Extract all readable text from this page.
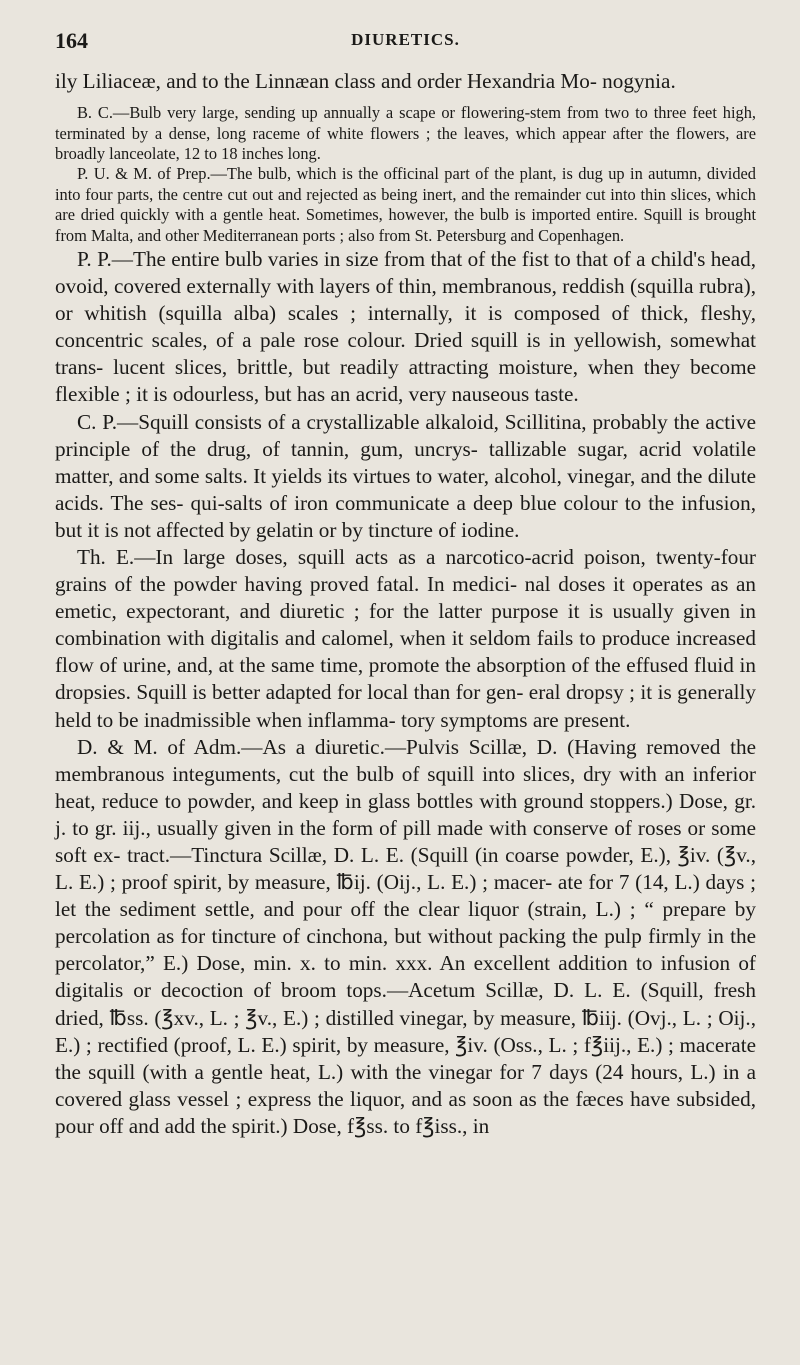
164	DIURETICS.

ily Liliaceæ, and to the Linnæan class and order Hexandria Mo- nogynia.

B. C.—Bulb very large, sending up annually a scape or flowering-stem from two to three feet high, terminated by a dense, long raceme of white flowers ; the leaves, which appear after the flowers, are broadly lanceolate, 12 to 18 inches long.

P. U. & M. of Prep.—The bulb, which is the officinal part of the plant, is dug up in autumn, divided into four parts, the centre cut out and rejected as being inert, and the remainder cut into thin slices, which are dried quickly with a gentle heat. Sometimes, however, the bulb is imported entire. Squill is brought from Malta, and other Mediterranean ports ; also from St. Petersburg and Copenhagen.

P. P.—The entire bulb varies in size from that of the fist to that of a child's head, ovoid, covered externally with layers of thin, membranous, reddish (squilla rubra), or whitish (squilla alba) scales ; internally, it is composed of thick, fleshy, concentric scales, of a pale rose colour. Dried squill is in yellowish, somewhat trans- lucent slices, brittle, but readily attracting moisture, when they become flexible ; it is odourless, but has an acrid, very nauseous taste.

C. P.—Squill consists of a crystallizable alkaloid, Scillitina, probably the active principle of the drug, of tannin, gum, uncrys- tallizable sugar, acrid volatile matter, and some salts. It yields its virtues to water, alcohol, vinegar, and the dilute acids. The ses- qui-salts of iron communicate a deep blue colour to the infusion, but it is not affected by gelatin or by tincture of iodine.

Th. E.—In large doses, squill acts as a narcotico-acrid poison, twenty-four grains of the powder having proved fatal. In medici- nal doses it operates as an emetic, expectorant, and diuretic ; for the latter purpose it is usually given in combination with digitalis and calomel, when it seldom fails to produce increased flow of urine, and, at the same time, promote the absorption of the effused fluid in dropsies. Squill is better adapted for local than for gen- eral dropsy ; it is generally held to be inadmissible when inflamma- tory symptoms are present.

D. & M. of Adm.—As a diuretic.—Pulvis Scillæ, D. (Having removed the membranous integuments, cut the bulb of squill into slices, dry with an inferior heat, reduce to powder, and keep in glass bottles with ground stoppers.) Dose, gr. j. to gr. iij., usually given in the form of pill made with conserve of roses or some soft ex- tract.—Tinctura Scillæ, D. L. E. (Squill (in coarse powder, E.), ℥iv. (℥v., L. E.) ; proof spirit, by measure, ℔ij. (Oij., L. E.) ; macer- ate for 7 (14, L.) days ; let the sediment settle, and pour off the clear liquor (strain, L.) ; “ prepare by percolation as for tincture of cinchona, but without packing the pulp firmly in the percolator,” E.) Dose, min. x. to min. xxx. An excellent addition to infusion of digitalis or decoction of broom tops.—Acetum Scillæ, D. L. E. (Squill, fresh dried, ℔ss. (℥xv., L. ; ℥v., E.) ; distilled vinegar, by measure, ℔iij. (Ovj., L. ; Oij., E.) ; rectified (proof, L. E.) spirit, by measure, ℥iv. (Oss., L. ; f℥iij., E.) ; macerate the squill (with a gentle heat, L.) with the vinegar for 7 days (24 hours, L.) in a covered glass vessel ; express the liquor, and as soon as the fæces have subsided, pour off and add the spirit.) Dose, f℥ss. to f℥iss., in
